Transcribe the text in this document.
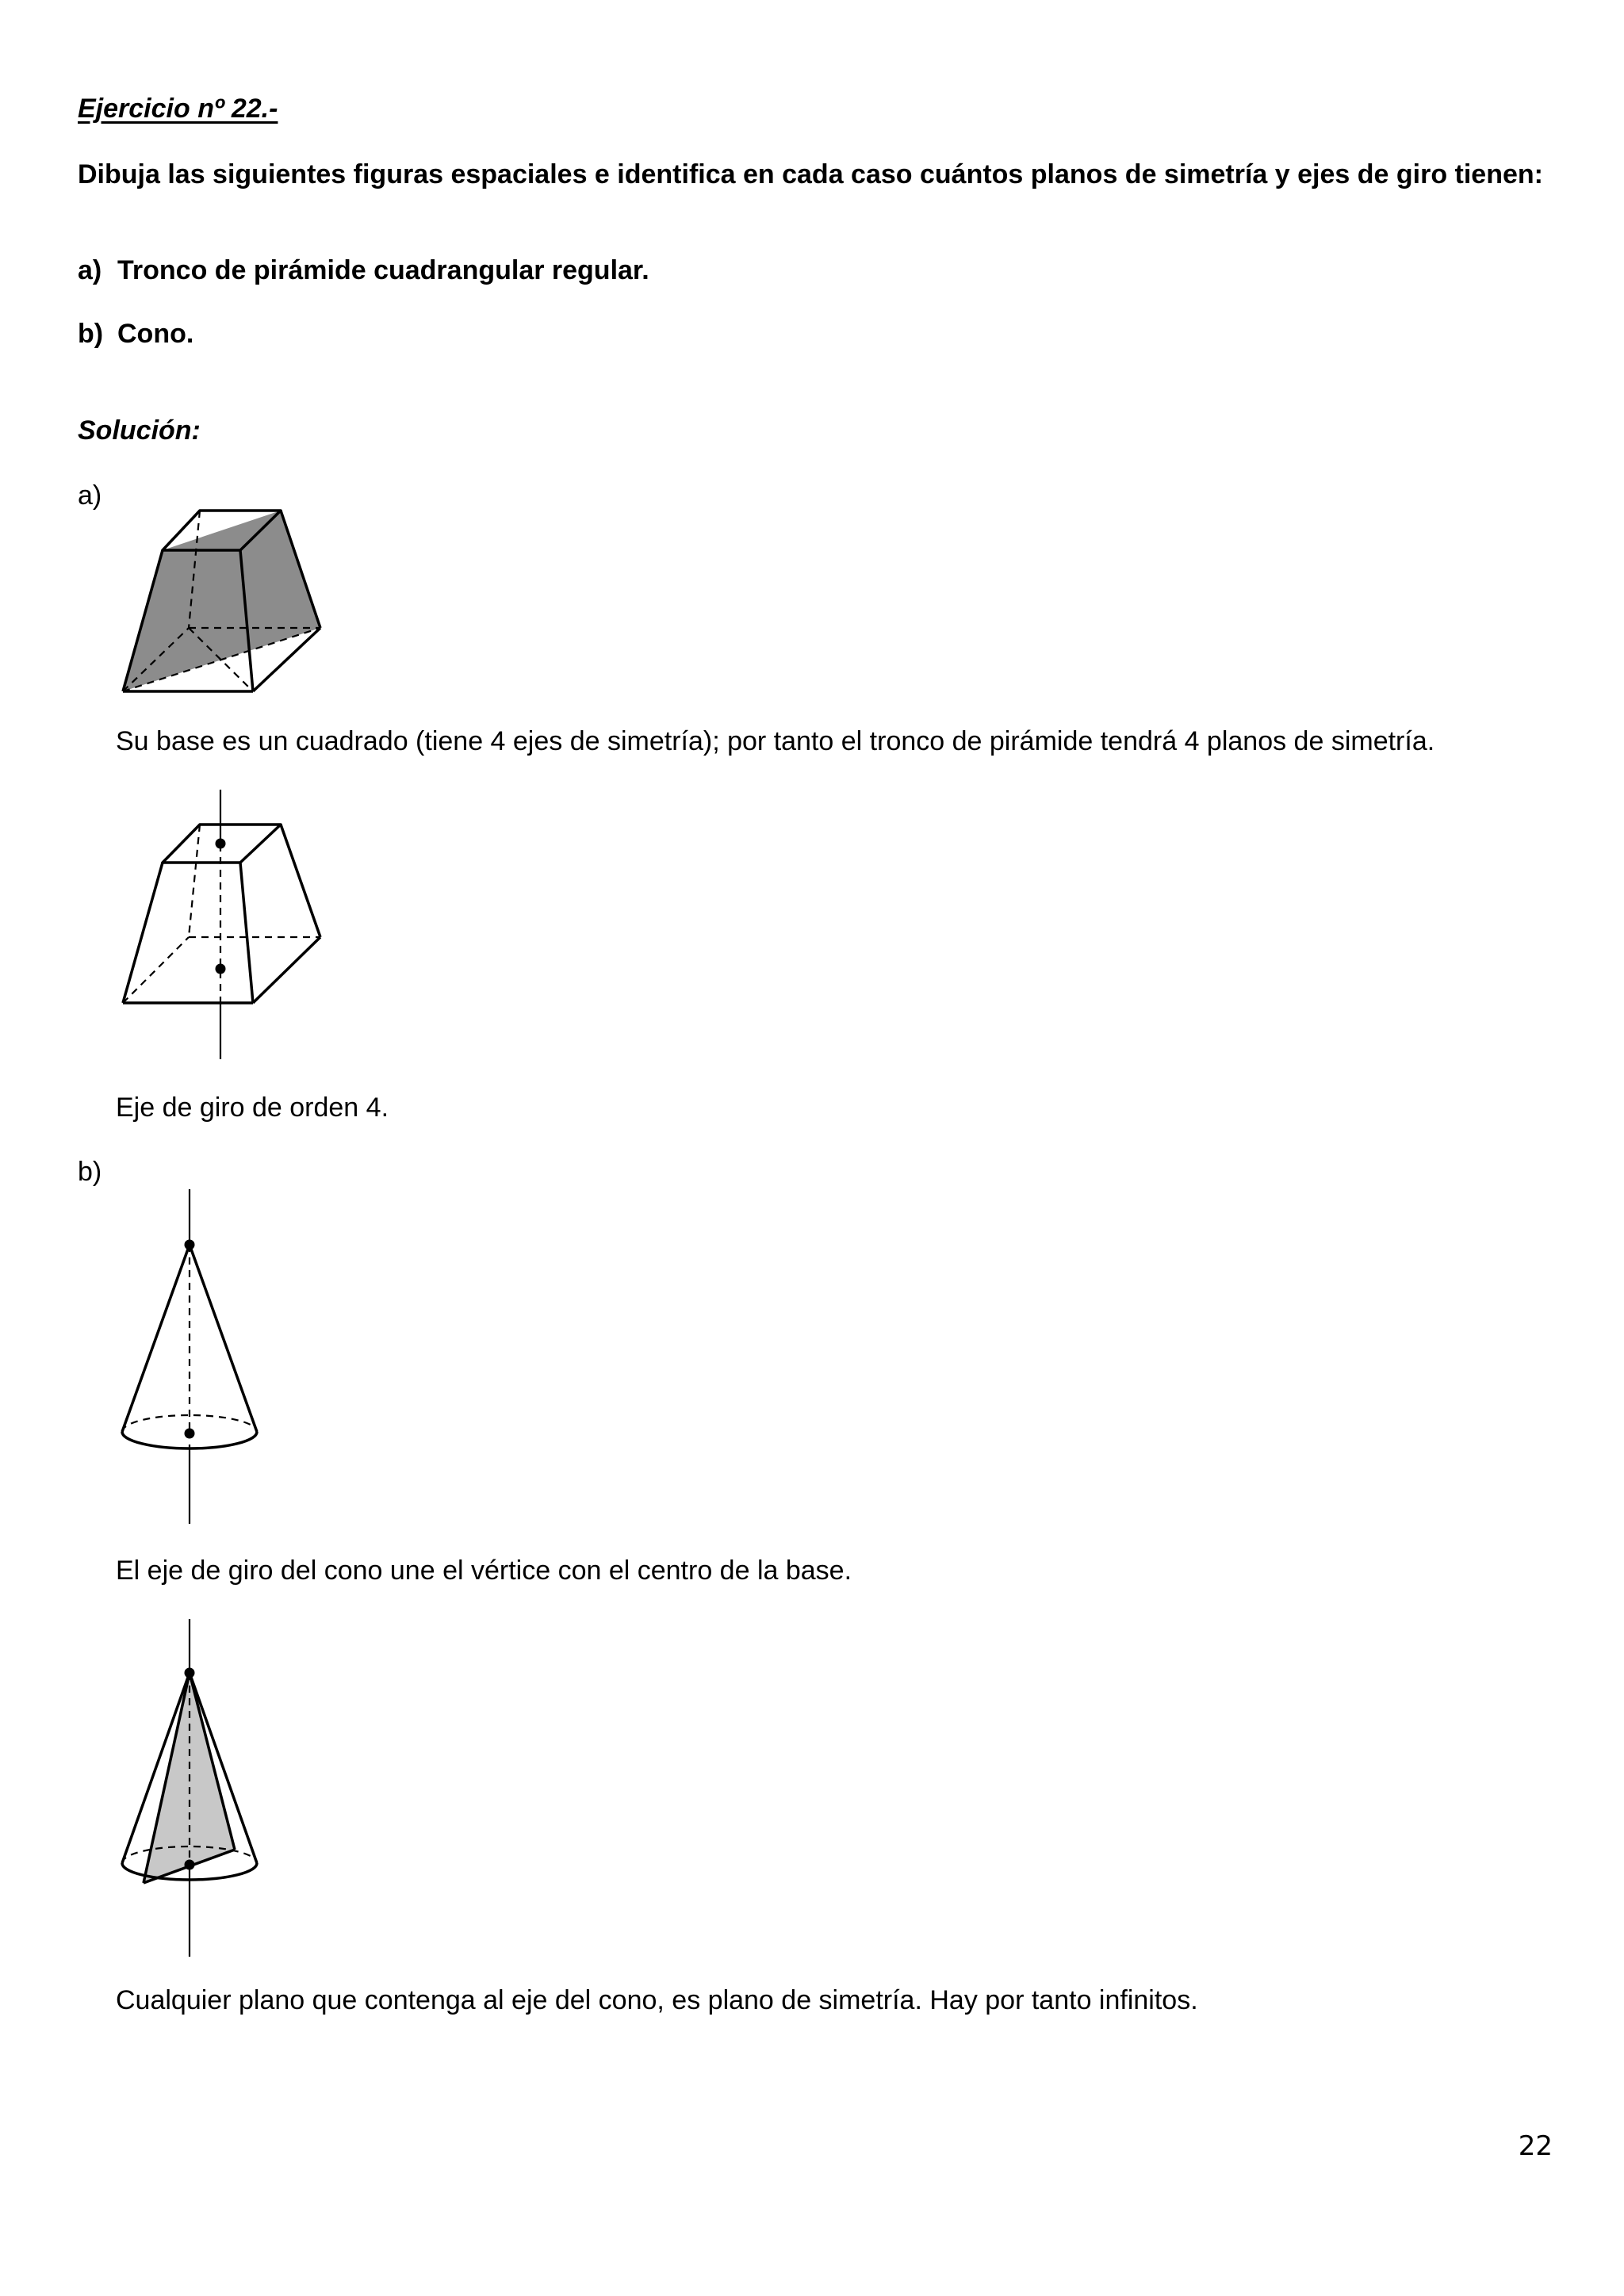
Ejercicio nº 22.-
Dibuja las siguientes figuras espaciales e identifica en cada caso cuántos planos de simetría y ejes de giro tienen:
a) Tronco de pirámide cuadrangular regular.
b) Cono.
Solución:
a)
Su base es un cuadrado (tiene 4 ejes de simetría); por tanto el tronco de pirámide tendrá 4 planos de simetría.
Eje de giro de orden 4.
b)
El eje de giro del cono une el vértice con el centro de la base.
Cualquier plano que contenga al eje del cono, es plano de simetría. Hay por tanto infinitos.
22
